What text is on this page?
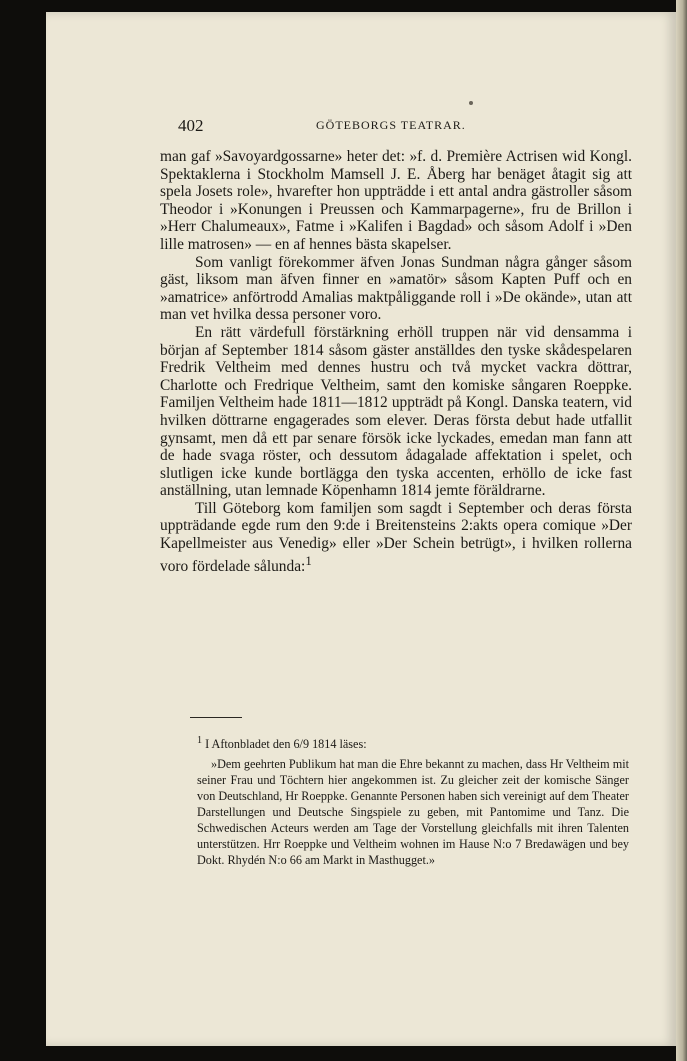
402	GÖTEBORGS TEATRAR.

man gaf »Savoyardgossarne» heter det: »f. d. Première Actrisen wid Kongl. Spektaklerna i Stockholm Mamsell J. E. Åberg har benäget åtagit sig att spela Josets role», hvarefter hon uppträdde i ett antal andra gästroller såsom Theodor i »Konungen i Preussen och Kammarpagerne», fru de Brillon i »Herr Chalumeaux», Fatme i »Kalifen i Bagdad» och såsom Adolf i »Den lille matrosen» — en af hennes bästa skapelser.

Som vanligt förekommer äfven Jonas Sundman några gånger såsom gäst, liksom man äfven finner en »amatör» såsom Kapten Puff och en »amatrice» anförtrodd Amalias maktpåliggande roll i »De okände», utan att man vet hvilka dessa personer voro.

En rätt värdefull förstärkning erhöll truppen när vid densamma i början af September 1814 såsom gäster anställdes den tyske skådespelaren Fredrik Veltheim med dennes hustru och två mycket vackra döttrar, Charlotte och Fredrique Veltheim, samt den komiske sångaren Roeppke. Familjen Veltheim hade 1811—1812 uppträdt på Kongl. Danska teatern, vid hvilken döttrarne engagerades som elever. Deras första debut hade utfallit gynsamt, men då ett par senare försök icke lyckades, emedan man fann att de hade svaga röster, och dessutom ådagalade affektation i spelet, och slutligen icke kunde bortlägga den tyska accenten, erhöllo de icke fast anställning, utan lemnade Köpenhamn 1814 jemte föräldrarne.

Till Göteborg kom familjen som sagdt i September och deras första uppträdande egde rum den 9:de i Breitensteins 2:akts opera comique »Der Kapellmeister aus Venedig» eller »Der Schein betrügt», i hvilken rollerna voro fördelade sålunda:$^1$

$^1$ I Aftonbladet den 6/9 1814 läses:

»Dem geehrten Publikum hat man die Ehre bekannt zu machen, dass Hr Veltheim mit seiner Frau und Töchtern hier angekommen ist. Zu gleicher zeit der komische Sänger von Deutschland, Hr Roeppke. Genannte Personen haben sich vereinigt auf dem Theater Darstellungen und Deutsche Singspiele zu geben, mit Pantomime und Tanz. Die Schwedischen Acteurs werden am Tage der Vorstellung gleichfalls mit ihren Talenten unterstützen. Hrr Roeppke und Veltheim wohnen im Hause N:o 7 Bredawägen und bey Dokt. Rhydén N:o 66 am Markt in Masthugget.»
